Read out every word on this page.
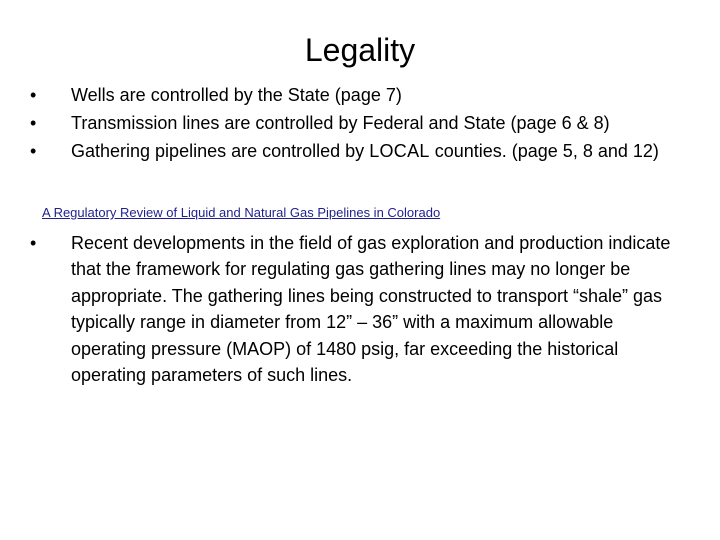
Legality
• Wells are controlled by the State (page 7)
• Transmission lines are controlled by Federal and State (page 6 & 8)
• Gathering pipelines are controlled by LOCAL counties. (page 5, 8 and 12)
A Regulatory Review of Liquid and Natural Gas Pipelines in Colorado
• Recent developments in the field of gas exploration and production indicate that the framework for regulating gas gathering lines may no longer be appropriate. The gathering lines being constructed to transport “shale” gas typically range in diameter from 12” – 36” with a maximum allowable operating pressure (MAOP) of 1480 psig, far exceeding the historical operating parameters of such lines.
